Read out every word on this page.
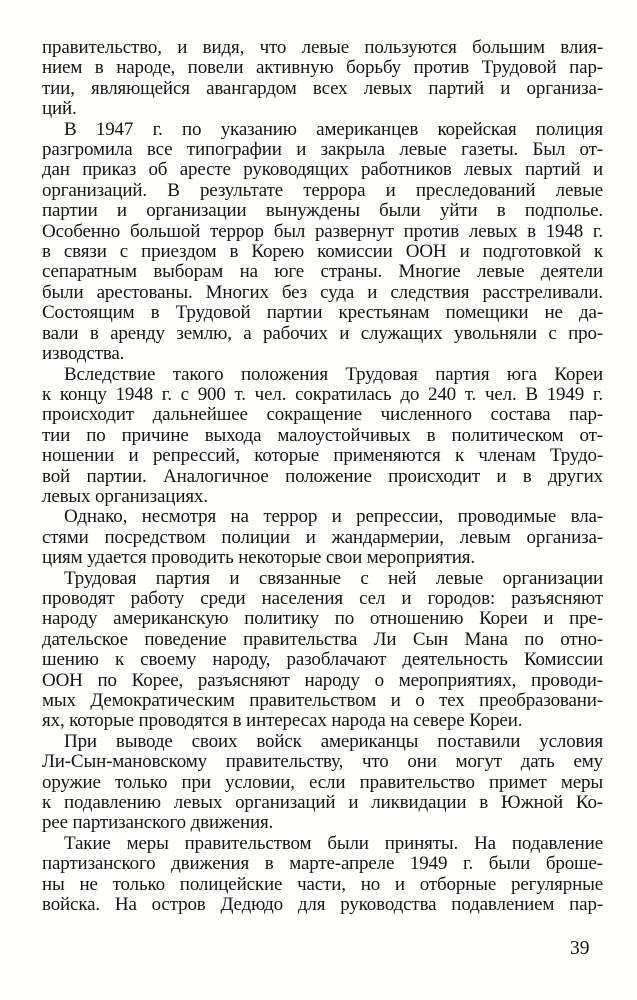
правительство, и видя, что левые пользуются большим влия-
нием в народе, повели активную борьбу против Трудовой пар-
тии, являющейся авангардом всех левых партий и организа-
ций.
В 1947 г. по указанию американцев корейская полиция
разгромила все типографии и закрыла левые газеты. Был от-
дан приказ об аресте руководящих работников левых партий и
организаций. В результате террора и преследований левые
партии и организации вынуждены были уйти в подполье.
Особенно большой террор был развернут против левых в 1948 г.
в связи с приездом в Корею комиссии ООН и подготовкой к
сепаратным выборам на юге страны. Многие левые деятели
были арестованы. Многих без суда и следствия расстреливали.
Состоящим в Трудовой партии крестьянам помещики не да-
вали в аренду землю, а рабочих и служащих увольняли с про-
изводства.
Вследствие такого положения Трудовая партия юга Кореи
к концу 1948 г. с 900 т. чел. сократилась до 240 т. чел. В 1949 г.
происходит дальнейшее сокращение численного состава пар-
тии по причине выхода малоустойчивых в политическом от-
ношении и репрессий, которые применяются к членам Трудо-
вой партии. Аналогичное положение происходит и в других
левых организациях.
Однако, несмотря на террор и репрессии, проводимые вла-
стями посредством полиции и жандармерии, левым организа-
циям удается проводить некоторые свои мероприятия.
Трудовая партия и связанные с ней левые организации
проводят работу среди населения сел и городов: разъясняют
народу американскую политику по отношению Кореи и пре-
дательское поведение правительства Ли Сын Мана по отно-
шению к своему народу, разоблачают деятельность Комиссии
ООН по Корее, разъясняют народу о мероприятиях, проводи-
мых Демократическим правительством и о тех преобразовани-
ях, которые проводятся в интересах народа на севере Кореи.
При выводе своих войск американцы поставили условия
Ли-Сын-мановскому правительству, что они могут дать ему
оружие только при условии, если правительство примет меры
к подавлению левых организаций и ликвидации в Южной Ко-
рее партизанского движения.
Такие меры правительством были приняты. На подавление
партизанского движения в марте-апреле 1949 г. были броше-
ны не только полицейские части, но и отборные регулярные
войска. На остров Дедюдо для руководства подавлением пар-
39
